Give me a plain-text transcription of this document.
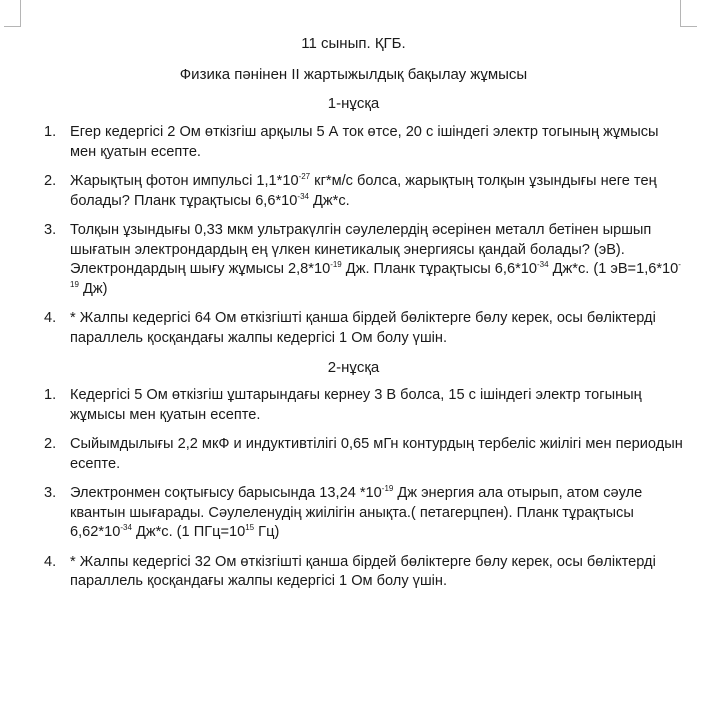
11 сынып. ҚГБ.
Физика пәнінен ІІ жартыжылдық бақылау жұмысы
1-нұсқа
1. Егер кедергісі 2 Ом өткізгіш арқылы 5 А ток өтсе, 20 с ішіндегі электр тогының жұмысы мен қуатын есепте.
2. Жарықтың фотон импульсі $1,1*10^{-27}$ кг*м/с болса, жарықтың толқын ұзындығы неге тең болады? Планк тұрақтысы $6,6*10^{-34}$ Дж*с.
3. Толқын ұзындығы 0,33 мкм ультракүлгін сәулелердің әсерінен металл бетінен ыршып шығатын электрондардың ең үлкен кинетикалық энергиясы қандай болады? (эВ). Электрондардың шығу жұмысы $2,8*10^{-19}$ Дж. Планк тұрақтысы $6,6*10^{-34}$ Дж*с. (1 $эВ=1,6*10^{-19}$ Дж)
4. * Жалпы кедергісі 64 Ом өткізгішті қанша бірдей бөліктерге бөлу керек, осы бөліктерді параллель қосқандағы жалпы кедергісі 1 Ом болу үшін.
2-нұсқа
1. Кедергісі 5 Ом өткізгіш ұштарындағы кернеу 3 В болса, 15 с ішіндегі электр тогының жұмысы мен қуатын есепте.
2. Сыйымдылығы 2,2 мкФ и индуктивтілігі 0,65 мГн контурдың тербеліс жиілігі мен периодын есепте.
3. Электронмен соқтығысу барысында 13,24 $*10^{-19}$ Дж энергия ала отырып, атом сәуле квантын шығарады. Сәулеленудің жиілігін анықта.( петагерцпен). Планк тұрақтысы $6,62*10^{-34}$ Дж*с. (1 $ПГц=10^{15}$ Гц)
4. * Жалпы кедергісі 32 Ом өткізгішті қанша бірдей бөліктерге бөлу керек, осы бөліктерді параллель қосқандағы жалпы кедергісі 1 Ом болу үшін.
